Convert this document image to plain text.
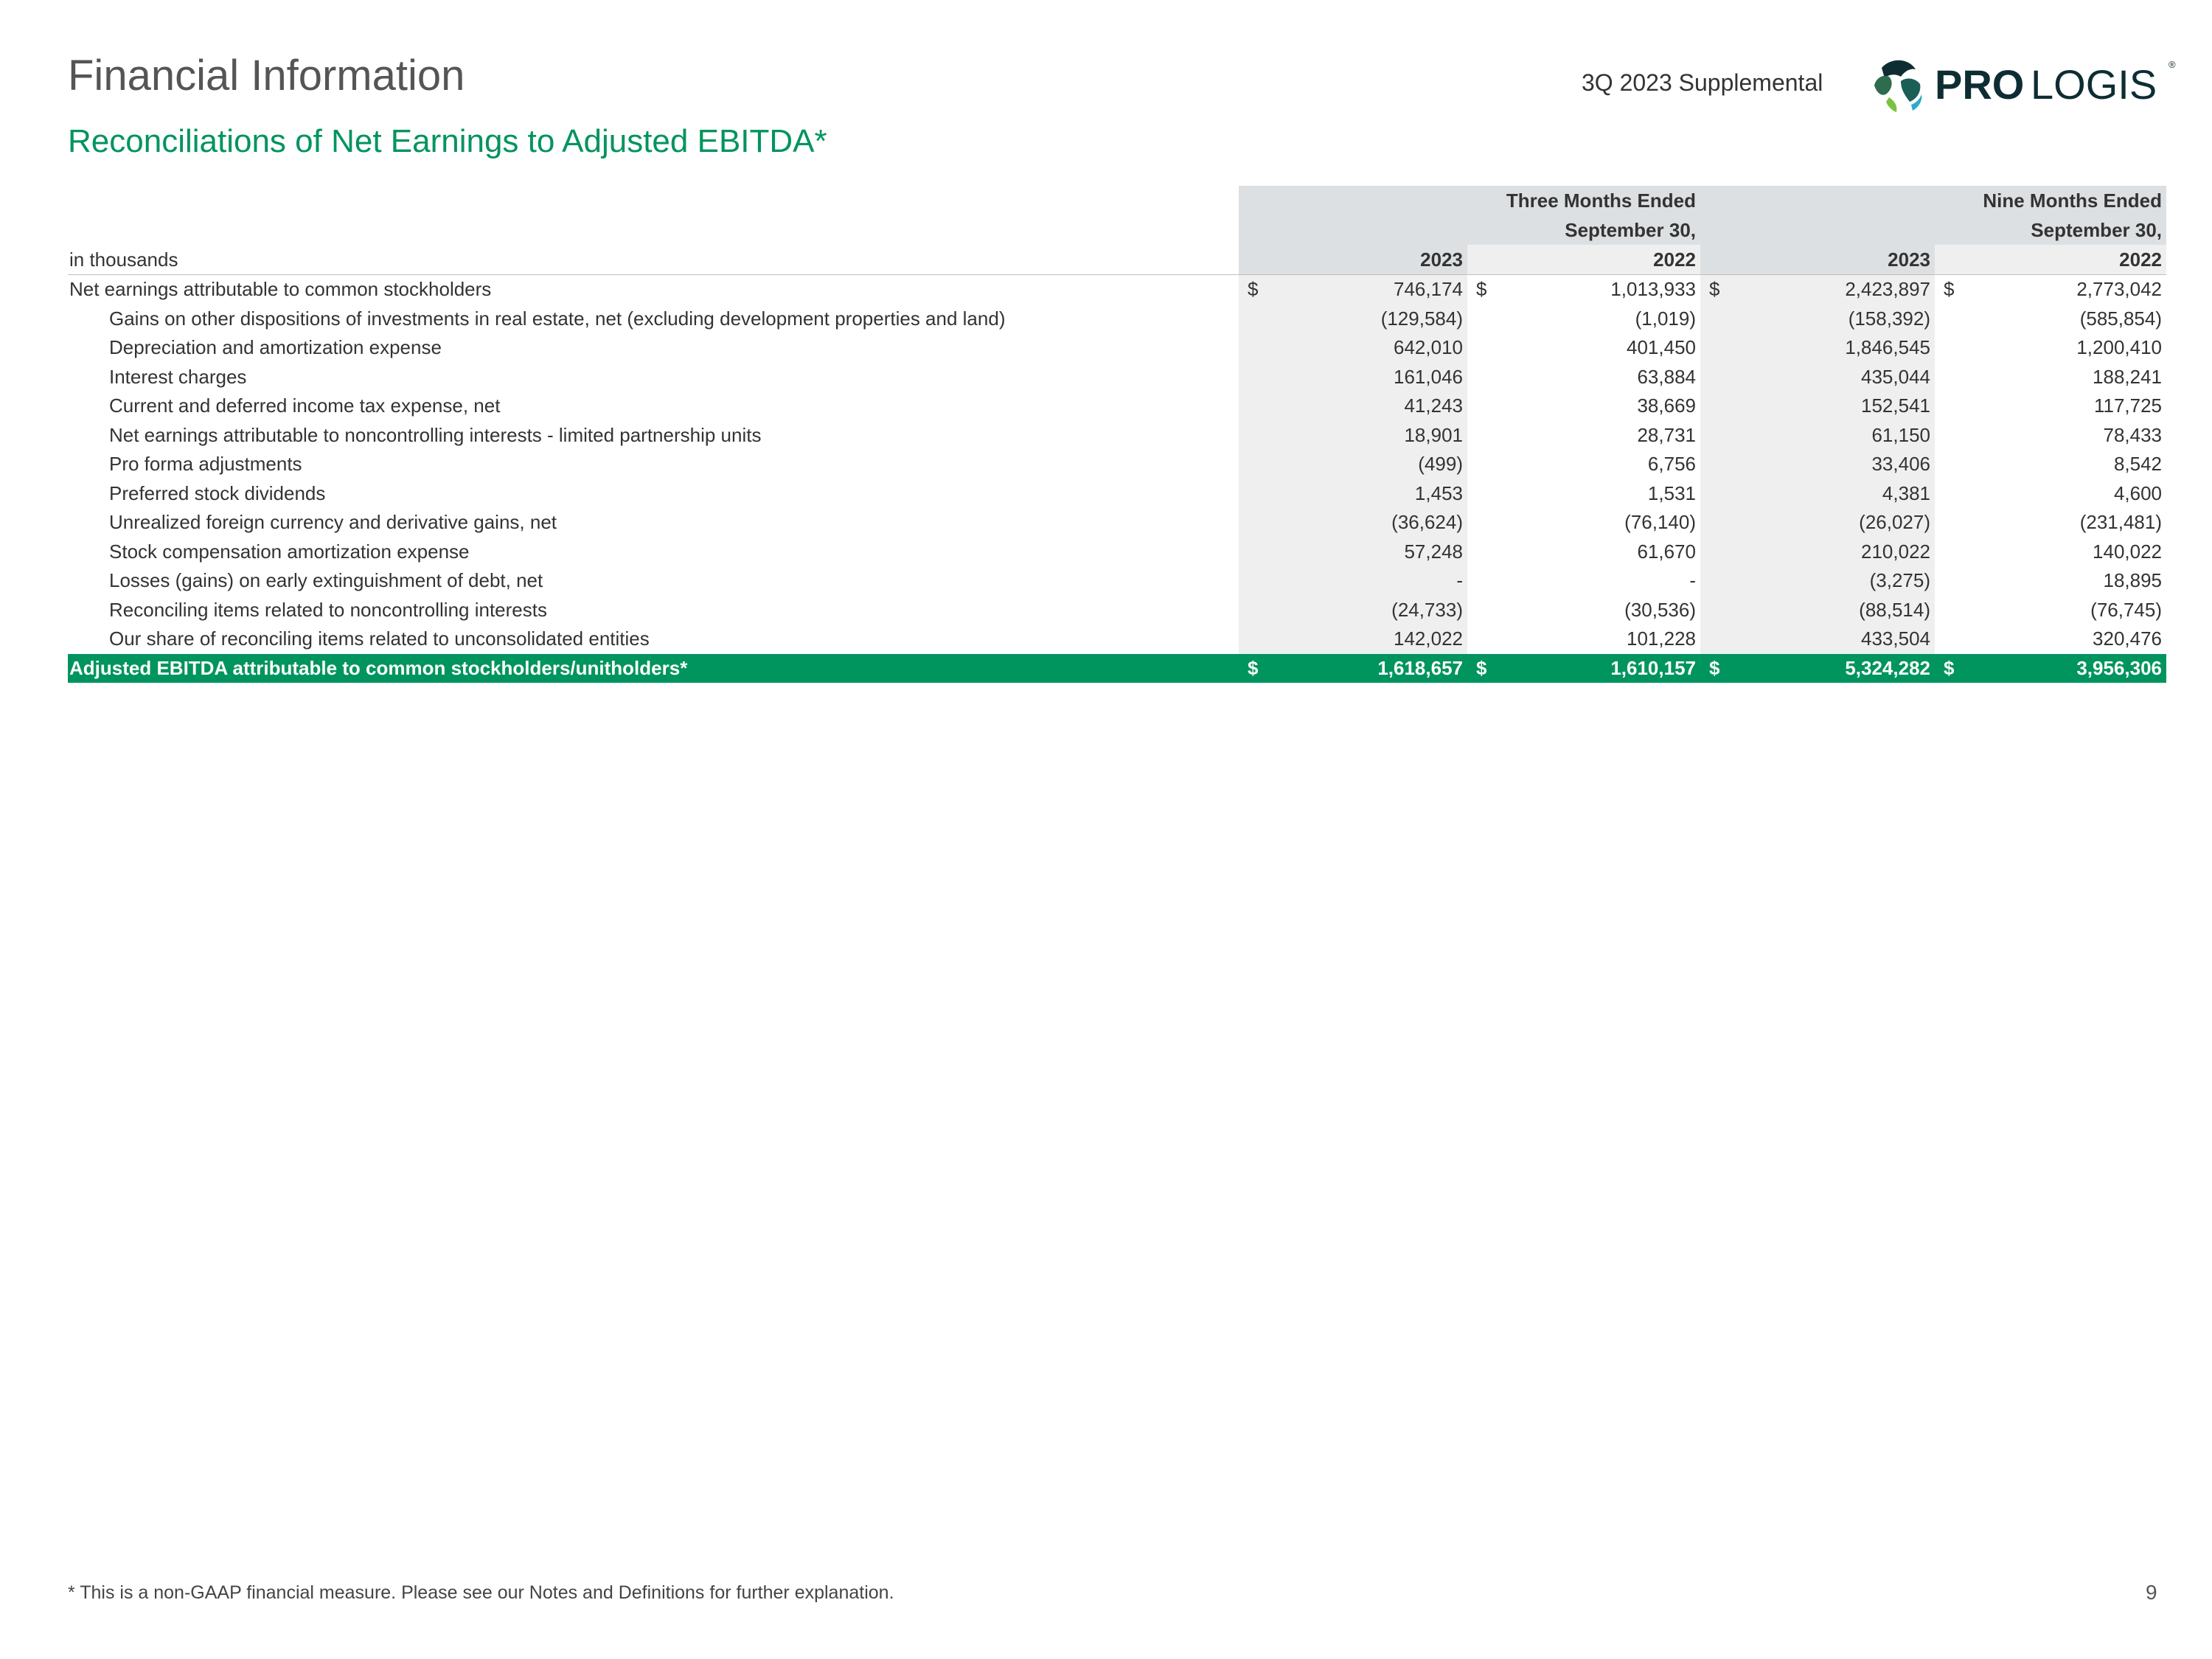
Financial Information
Reconciliations of Net Earnings to Adjusted EBITDA*
3Q 2023 Supplemental	PRO LOGIS ®

			Three Months Ended				Nine Months Ended	

			September 30,				September 30,	

in thousands		2023		2022		2023		2022

Net earnings attributable to common stockholders	$	746,174	$	1,013,933	$	2,423,897	$	2,773,042
Gains on other dispositions of investments in real estate, net (excluding development properties and land)		(129,584)		(1,019)		(158,392)		(585,854)
Depreciation and amortization expense		642,010		401,450		1,846,545		1,200,410
Interest charges		161,046		63,884		435,044		188,241
Current and deferred income tax expense, net		41,243		38,669		152,541		117,725
Net earnings attributable to noncontrolling interests - limited partnership units		18,901		28,731		61,150		78,433
Pro forma adjustments		(499)		6,756		33,406		8,542
Preferred stock dividends		1,453		1,531		4,381		4,600
Unrealized foreign currency and derivative gains, net		(36,624)		(76,140)		(26,027)		(231,481)
Stock compensation amortization expense		57,248		61,670		210,022		140,022
Losses (gains) on early extinguishment of debt, net		-		-		(3,275)		18,895
Reconciling items related to noncontrolling interests		(24,733)		(30,536)		(88,514)		(76,745)
Our share of reconciling items related to unconsolidated entities		142,022		101,228		433,504		320,476
Adjusted EBITDA attributable to common stockholders/unitholders*	$	1,618,657	$	1,610,157	$	5,324,282	$	3,956,306
* This is a non-GAAP financial measure. Please see our Notes and Definitions for further explanation.	9
